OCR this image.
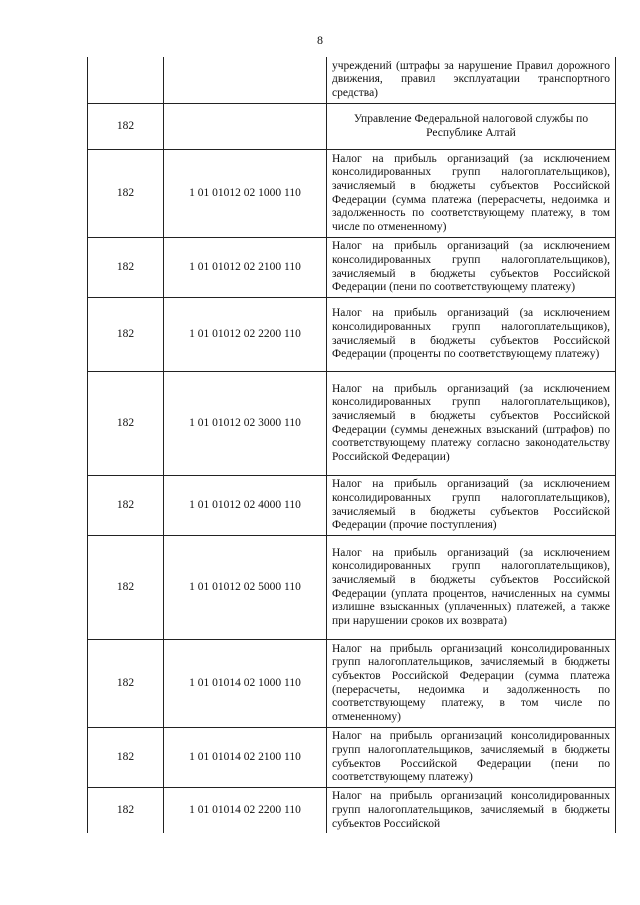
8
		учреждений (штрафы за нарушение Правил дорожного движения, правил эксплуатации транспортного средства)
182		Управление Федеральной налоговой службы по Республике Алтай
182	1 01 01012 02 1000 110	Налог на прибыль организаций (за исключением консолидированных групп налогоплательщиков), зачисляемый в бюджеты субъектов Российской Федерации (сумма платежа (перерасчеты, недоимка и задолженность по соответствующему платежу, в том числе по отмененному)
182	1 01 01012 02 2100 110	Налог на прибыль организаций (за исключением консолидированных групп налогоплательщиков), зачисляемый в бюджеты субъектов Российской Федерации (пени по соответствующему платежу)
182	1 01 01012 02 2200 110	Налог на прибыль организаций (за исключением консолидированных групп налогоплательщиков), зачисляемый в бюджеты субъектов Российской Федерации (проценты по соответствующему платежу)
182	1 01 01012 02 3000 110	Налог на прибыль организаций (за исключением консолидированных групп налогоплательщиков), зачисляемый в бюджеты субъектов Российской Федерации (суммы денежных взысканий (штрафов) по соответствующему платежу согласно законодательству Российской Федерации)
182	1 01 01012 02 4000 110	Налог на прибыль организаций (за исключением консолидированных групп налогоплательщиков), зачисляемый в бюджеты субъектов Российской Федерации (прочие поступления)
182	1 01 01012 02 5000 110	Налог на прибыль организаций (за исключением консолидированных групп налогоплательщиков), зачисляемый в бюджеты субъектов Российской Федерации (уплата процентов, начисленных на суммы излишне взысканных (уплаченных) платежей, а также при нарушении сроков их возврата)
182	1 01 01014 02 1000 110	Налог на прибыль организаций консолидированных групп налогоплательщиков, зачисляемый в бюджеты субъектов Российской Федерации (сумма платежа (перерасчеты, недоимка и задолженность по соответствующему платежу, в том числе по отмененному)
182	1 01 01014 02 2100 110	Налог на прибыль организаций консолидированных групп налогоплательщиков, зачисляемый в бюджеты субъектов Российской Федерации (пени по соответствующему платежу)
182	1 01 01014 02 2200 110	Налог на прибыль организаций консолидированных групп налогоплательщиков, зачисляемый в бюджеты субъектов Российской
